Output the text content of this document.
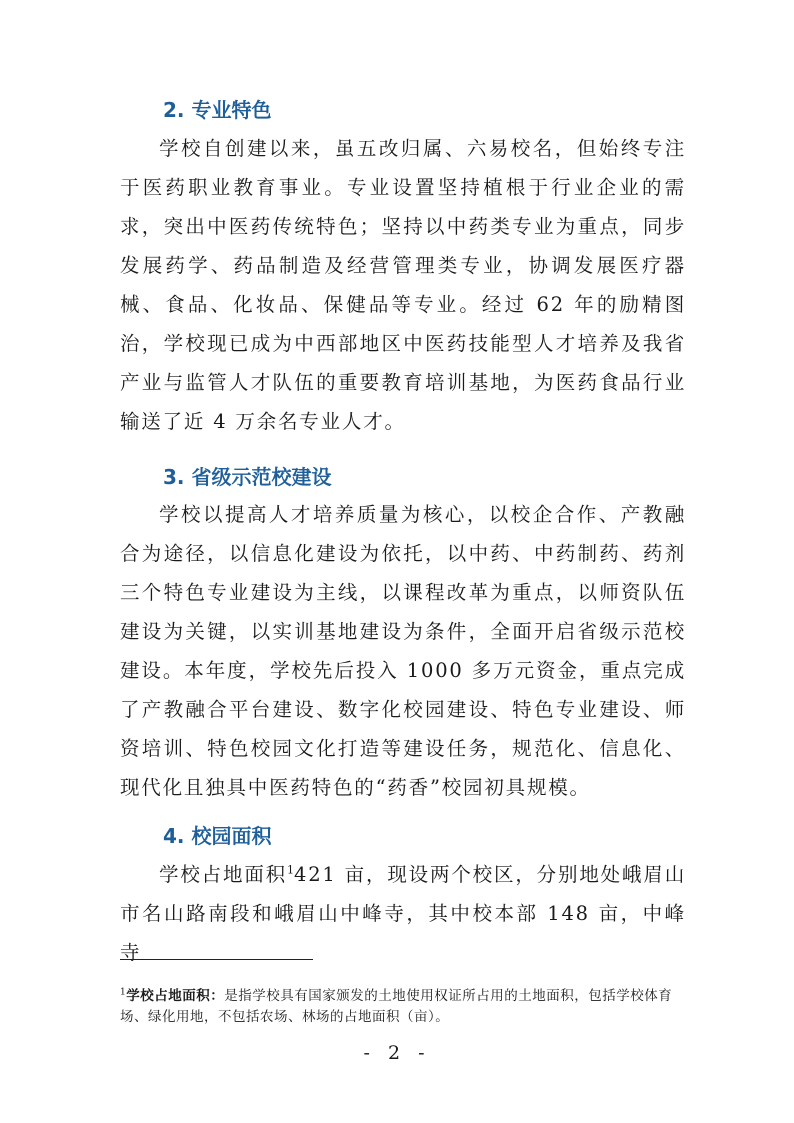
2. 专业特色

学校自创建以来，虽五改归属、六易校名，但始终专注于医药职业教育事业。专业设置坚持植根于行业企业的需求，突出中医药传统特色；坚持以中药类专业为重点，同步发展药学、药品制造及经营管理类专业，协调发展医疗器械、食品、化妆品、保健品等专业。经过 62 年的励精图治，学校现已成为中西部地区中医药技能型人才培养及我省产业与监管人才队伍的重要教育培训基地，为医药食品行业输送了近 4 万余名专业人才。

3. 省级示范校建设

学校以提高人才培养质量为核心，以校企合作、产教融合为途径，以信息化建设为依托，以中药、中药制药、药剂三个特色专业建设为主线，以课程改革为重点，以师资队伍建设为关键，以实训基地建设为条件，全面开启省级示范校建设。本年度，学校先后投入 1000 多万元资金，重点完成了产教融合平台建设、数字化校园建设、特色专业建设、师资培训、特色校园文化打造等建设任务，规范化、信息化、现代化且独具中医药特色的“药香”校园初具规模。

4. 校园面积

学校占地面积$^1$421 亩，现设两个校区，分别地处峨眉山市名山路南段和峨眉山中峰寺，其中校本部 148 亩，中峰寺

$^1$学校占地面积：是指学校具有国家颁发的土地使用权证所占用的土地面积，包括学校体育场、绿化用地，不包括农场、林场的占地面积（亩）。

- 2 -
